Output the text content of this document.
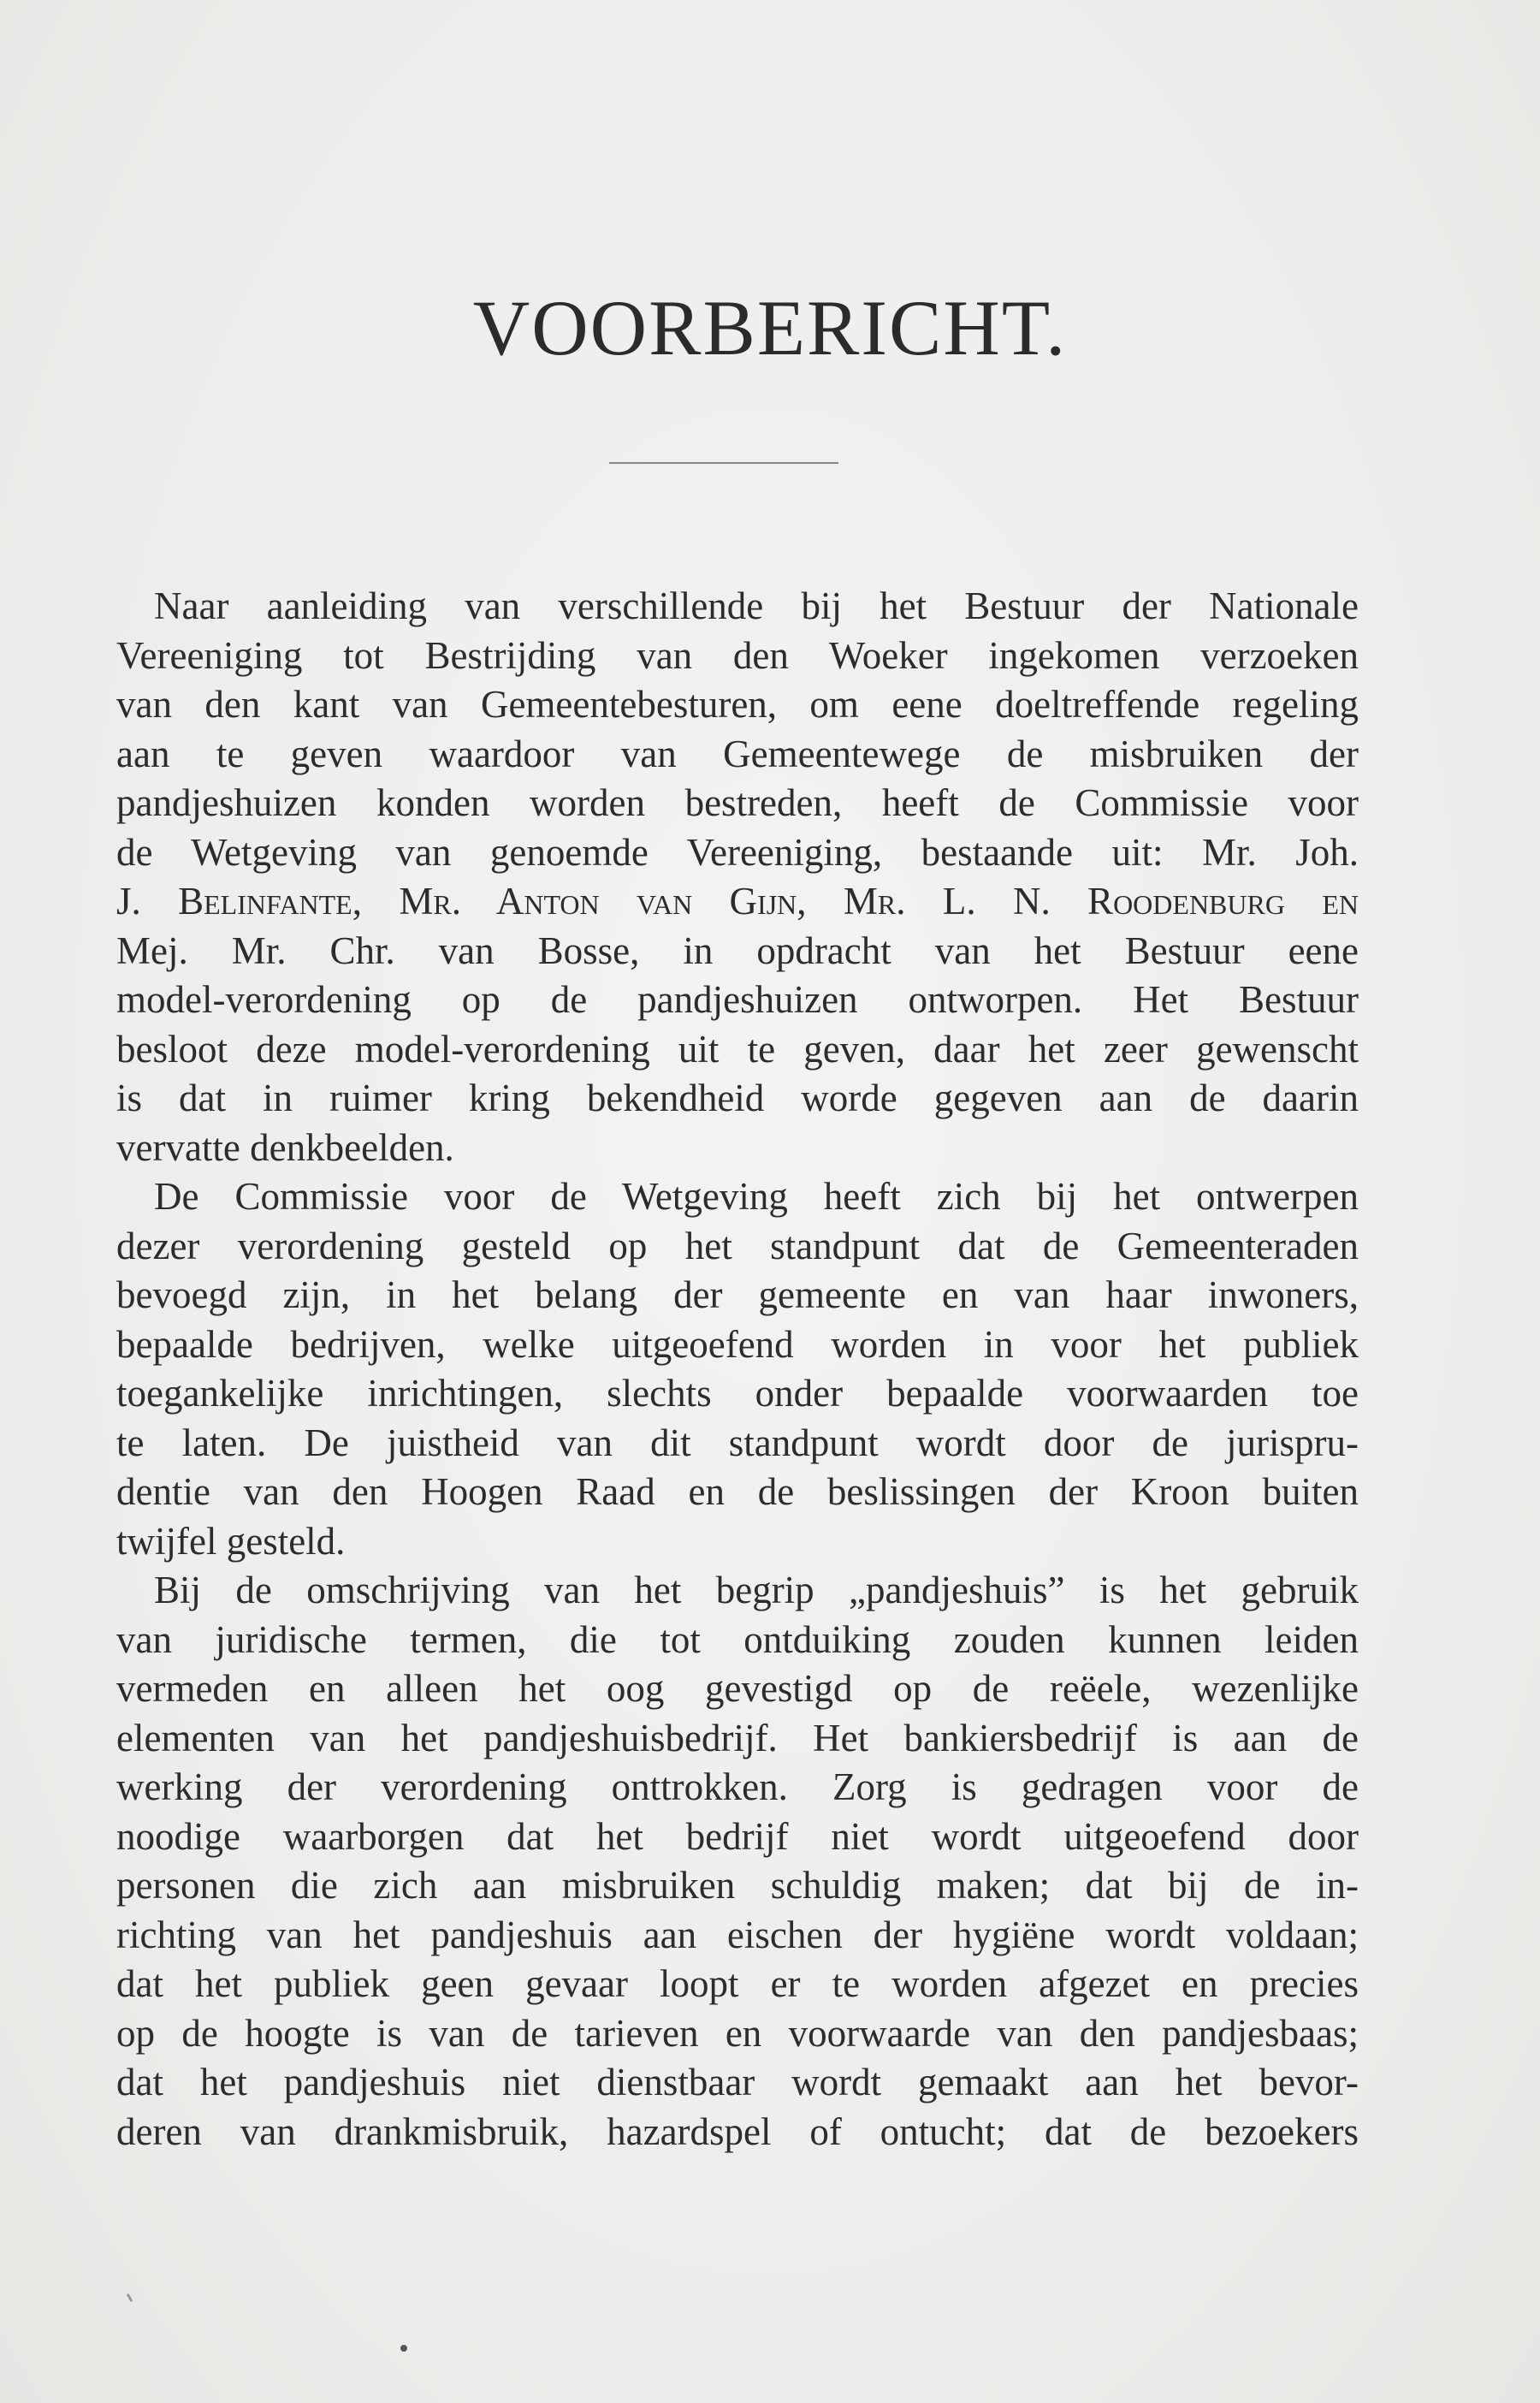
VOORBERICHT.
Naar aanleiding van verschillende bij het Bestuur der Nationale
Vereeniging tot Bestrijding van den Woeker ingekomen verzoeken
van den kant van Gemeentebesturen, om eene doeltreffende regeling
aan te geven waardoor van Gemeentewege de misbruiken der
pandjeshuizen konden worden bestreden, heeft de Commissie voor
de Wetgeving van genoemde Vereeniging, bestaande uit: Mr. Joh.
J. Belinfante, Mr. Anton van Gijn, Mr. L. N. Roodenburg en
Mej. Mr. Chr. van Bosse, in opdracht van het Bestuur eene
model-verordening op de pandjeshuizen ontworpen. Het Bestuur
besloot deze model-verordening uit te geven, daar het zeer gewenscht
is dat in ruimer kring bekendheid worde gegeven aan de daarin
vervatte denkbeelden.
De Commissie voor de Wetgeving heeft zich bij het ontwerpen
dezer verordening gesteld op het standpunt dat de Gemeenteraden
bevoegd zijn, in het belang der gemeente en van haar inwoners,
bepaalde bedrijven, welke uitgeoefend worden in voor het publiek
toegankelijke inrichtingen, slechts onder bepaalde voorwaarden toe
te laten. De juistheid van dit standpunt wordt door de jurispru-
dentie van den Hoogen Raad en de beslissingen der Kroon buiten
twijfel gesteld.
Bij de omschrijving van het begrip „pandjeshuis” is het gebruik
van juridische termen, die tot ontduiking zouden kunnen leiden
vermeden en alleen het oog gevestigd op de reëele, wezenlijke
elementen van het pandjeshuisbedrijf. Het bankiersbedrijf is aan de
werking der verordening onttrokken. Zorg is gedragen voor de
noodige waarborgen dat het bedrijf niet wordt uitgeoefend door
personen die zich aan misbruiken schuldig maken; dat bij de in-
richting van het pandjeshuis aan eischen der hygiëne wordt voldaan;
dat het publiek geen gevaar loopt er te worden afgezet en precies
op de hoogte is van de tarieven en voorwaarde van den pandjesbaas;
dat het pandjeshuis niet dienstbaar wordt gemaakt aan het bevor-
deren van drankmisbruik, hazardspel of ontucht; dat de bezoekers
